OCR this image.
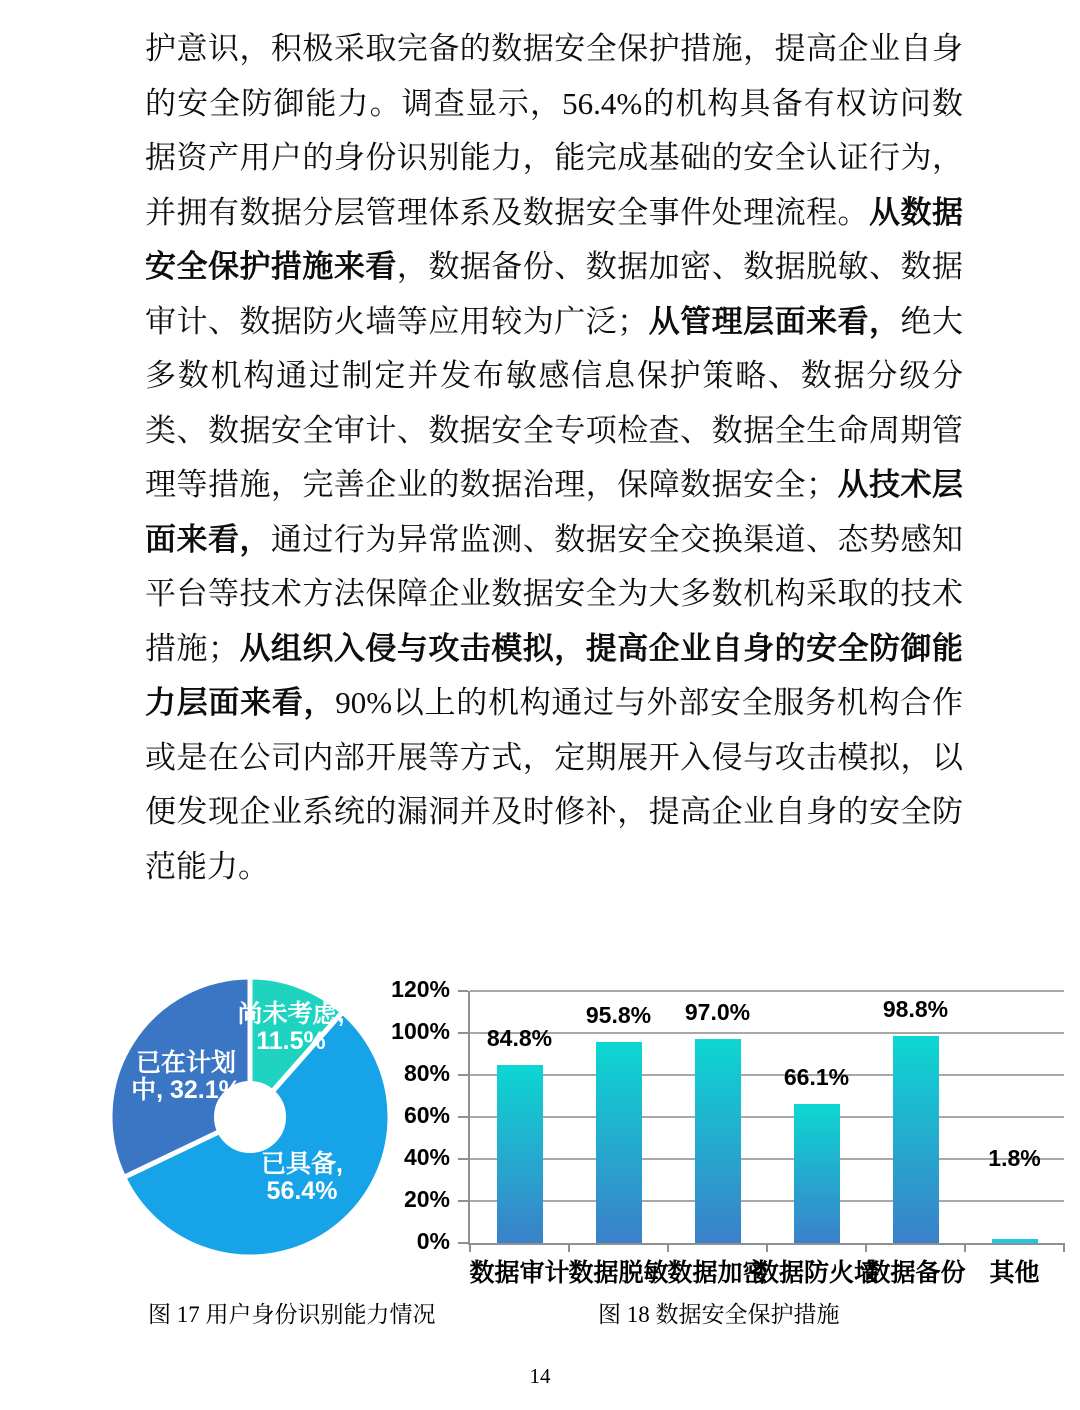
护意识，积极采取完备的数据安全保护措施，提高企业自身的安全防御能力。调查显示，56.4%的机构具备有权访问数据资产用户的身份识别能力，能完成基础的安全认证行为，并拥有数据分层管理体系及数据安全事件处理流程。从数据安全保护措施来看，数据备份、数据加密、数据脱敏、数据审计、数据防火墙等应用较为广泛；从管理层面来看，绝大多数机构通过制定并发布敏感信息保护策略、数据分级分类、数据安全审计、数据安全专项检查、数据全生命周期管理等措施，完善企业的数据治理，保障数据安全；从技术层面来看，通过行为异常监测、数据安全交换渠道、态势感知平台等技术方法保障企业数据安全为大多数机构采取的技术措施；从组织入侵与攻击模拟，提高企业自身的安全防御能力层面来看，90%以上的机构通过与外部安全服务机构合作或是在公司内部开展等方式，定期展开入侵与攻击模拟，以便发现企业系统的漏洞并及时修补，提高企业自身的安全防范能力。

尚未考虑,
11.5%
已具备,
56.4%
已在计划
中, 32.1%
0%
20%
40%
60%
80%
100%
120%
84.8%
数据审计
95.8%
数据脱敏
97.0%
数据加密
66.1%
数据防火墙
98.8%
数据备份
1.8%
其他
图 17 用户身份识别能力情况	图 18 数据安全保护措施
14
